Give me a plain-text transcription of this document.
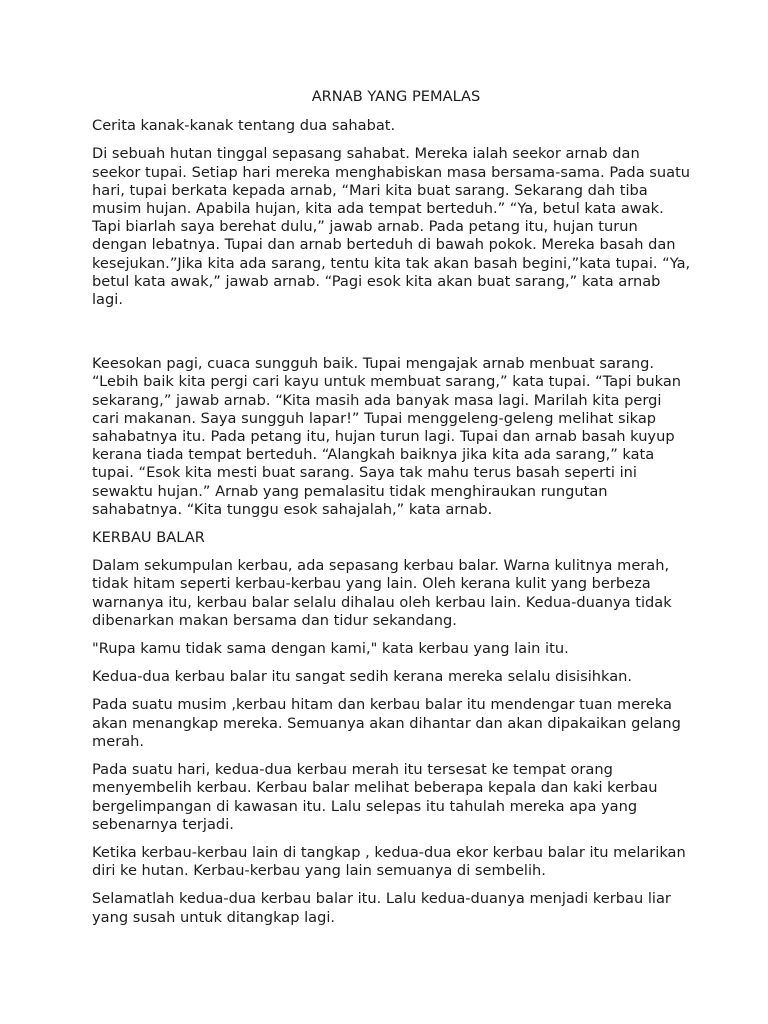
ARNAB YANG PEMALAS

Cerita kanak-kanak tentang dua sahabat.

Di sebuah hutan tinggal sepasang sahabat. Mereka ialah seekor arnab dan seekor tupai. Setiap hari mereka menghabiskan masa bersama-sama. Pada suatu hari, tupai berkata kepada arnab, “Mari kita buat sarang. Sekarang dah tiba musim hujan. Apabila hujan, kita ada tempat berteduh.” “Ya, betul kata awak. Tapi biarlah saya berehat dulu,” jawab arnab. Pada petang itu, hujan turun dengan lebatnya. Tupai dan arnab berteduh di bawah pokok. Mereka basah dan kesejukan.”Jika kita ada sarang, tentu kita tak akan basah begini,”kata tupai. “Ya, betul kata awak,” jawab arnab. “Pagi esok kita akan buat sarang,” kata arnab lagi.

Keesokan pagi, cuaca sungguh baik. Tupai mengajak arnab menbuat sarang. “Lebih baik kita pergi cari kayu untuk membuat sarang,” kata tupai. “Tapi bukan sekarang,” jawab arnab. “Kita masih ada banyak masa lagi. Marilah kita pergi cari makanan. Saya sungguh lapar!” Tupai menggeleng-geleng melihat sikap sahabatnya itu. Pada petang itu, hujan turun lagi. Tupai dan arnab basah kuyup kerana tiada tempat berteduh. “Alangkah baiknya jika kita ada sarang,” kata tupai. “Esok kita mesti buat sarang. Saya tak mahu terus basah seperti ini sewaktu hujan.” Arnab yang pemalasitu tidak menghiraukan rungutan sahabatnya. “Kita tunggu esok sahajalah,” kata arnab.

KERBAU BALAR

Dalam sekumpulan kerbau, ada sepasang kerbau balar. Warna kulitnya merah, tidak hitam seperti kerbau-kerbau yang lain. Oleh kerana kulit yang berbeza warnanya itu, kerbau balar selalu dihalau oleh kerbau lain. Kedua-duanya tidak dibenarkan makan bersama dan tidur sekandang.

"Rupa kamu tidak sama dengan kami," kata kerbau yang lain itu.

Kedua-dua kerbau balar itu sangat sedih kerana mereka selalu disisihkan.

Pada suatu musim ,kerbau hitam dan kerbau balar itu mendengar tuan mereka akan menangkap mereka. Semuanya akan dihantar dan akan dipakaikan gelang merah.

Pada suatu hari, kedua-dua kerbau merah itu tersesat ke tempat orang menyembelih kerbau. Kerbau balar melihat beberapa kepala dan kaki kerbau bergelimpangan di kawasan itu. Lalu selepas itu tahulah mereka apa yang sebenarnya terjadi.

Ketika kerbau-kerbau lain di tangkap , kedua-dua ekor kerbau balar itu melarikan diri ke hutan. Kerbau-kerbau yang lain semuanya di sembelih.

Selamatlah kedua-dua kerbau balar itu. Lalu kedua-duanya menjadi kerbau liar yang susah untuk ditangkap lagi.
